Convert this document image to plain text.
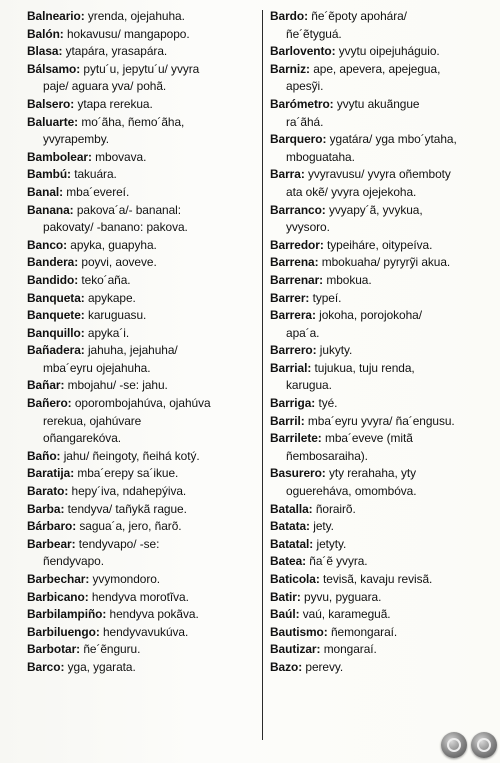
Balneario: yrenda, ojejahuha.

Balón: hokavusu/ mangapopo.

Blasa: ytapára, yrasapára.

Bálsamo: pytu´u, jepytu´u/ yvyra
paje/ aguara yva/ pohã.

Balsero: ytapa rerekua.

Baluarte: mo´ãha, ñemo´ãha,
yvyrapemby.

Bambolear: mbovava.

Bambú: takuára.

Banal: mba´evereí.

Banana: pakova´a/- bananal:
pakovaty/ -banano: pakova.

Banco: apyka, guapyha.

Bandera: poyvi, aoveve.

Bandido: teko´aña.

Banqueta: apykape.

Banquete: karuguasu.

Banquillo: apyka´i.

Bañadera: jahuha, jejahuha/
mba´eyru ojejahuha.

Bañar: mbojahu/ -se: jahu.

Bañero: oporombojahúva, ojahúva
rerekua, ojahúvare
oñangarekóva.

Baño: jahu/ ñeingoty, ñeihá kotý.

Baratija: mba´erepy sa´ikue.

Barato: hepy´iva, ndahepýiva.

Barba: tendyva/ tañykã rague.

Bárbaro: sagua´a, jero, ñarõ.

Barbear: tendyvapo/ -se:
ñendyvapo.

Barbechar: yvymondoro.

Barbicano: hendyva morotĩva.

Barbilampiño: hendyva pokãva.

Barbiluengo: hendyvavukúva.

Barbotar: ñe´ẽnguru.

Barco: yga, ygarata.

Bardo: ñe´ẽpoty apohára/
ñe´ẽtyguá.

Barlovento: yvytu oipejuháguio.

Barniz: ape, apevera, apejegua,
apesỹi.

Barómetro: yvytu akuãngue
ra´ãhá.

Barquero: ygatára/ yga mbo´ytaha,
mboguataha.

Barra: yvyravusu/ yvyra oñemboty
ata okẽ/ yvyra ojejekoha.

Barranco: yvyapy´ã, yvykua,
yvysoro.

Barredor: typeiháre, oitypeíva.

Barrena: mbokuaha/ pyryrỹi akua.

Barrenar: mbokua.

Barrer: typeí.

Barrera: jokoha, porojokoha/
apa´a.

Barrero: jukyty.

Barrial: tujukua, tuju renda,
karugua.

Barriga: tyé.

Barril: mba´eyru yvyra/ ña´engusu.

Barrilete: mba´eveve (mitã
ñembosaraiha).

Basurero: yty rerahaha, yty
oguereháva, omombóva.

Batalla: ñorairõ.

Batata: jety.

Batatal: jetyty.

Batea: ña´ẽ yvyra.

Baticola: tevisã, kavaju revisã.

Batir: pyvu, pyguara.

Baúl: vaú, karameguã.

Bautismo: ñemongaraí.

Bautizar: mongaraí.

Bazo: perevy.
